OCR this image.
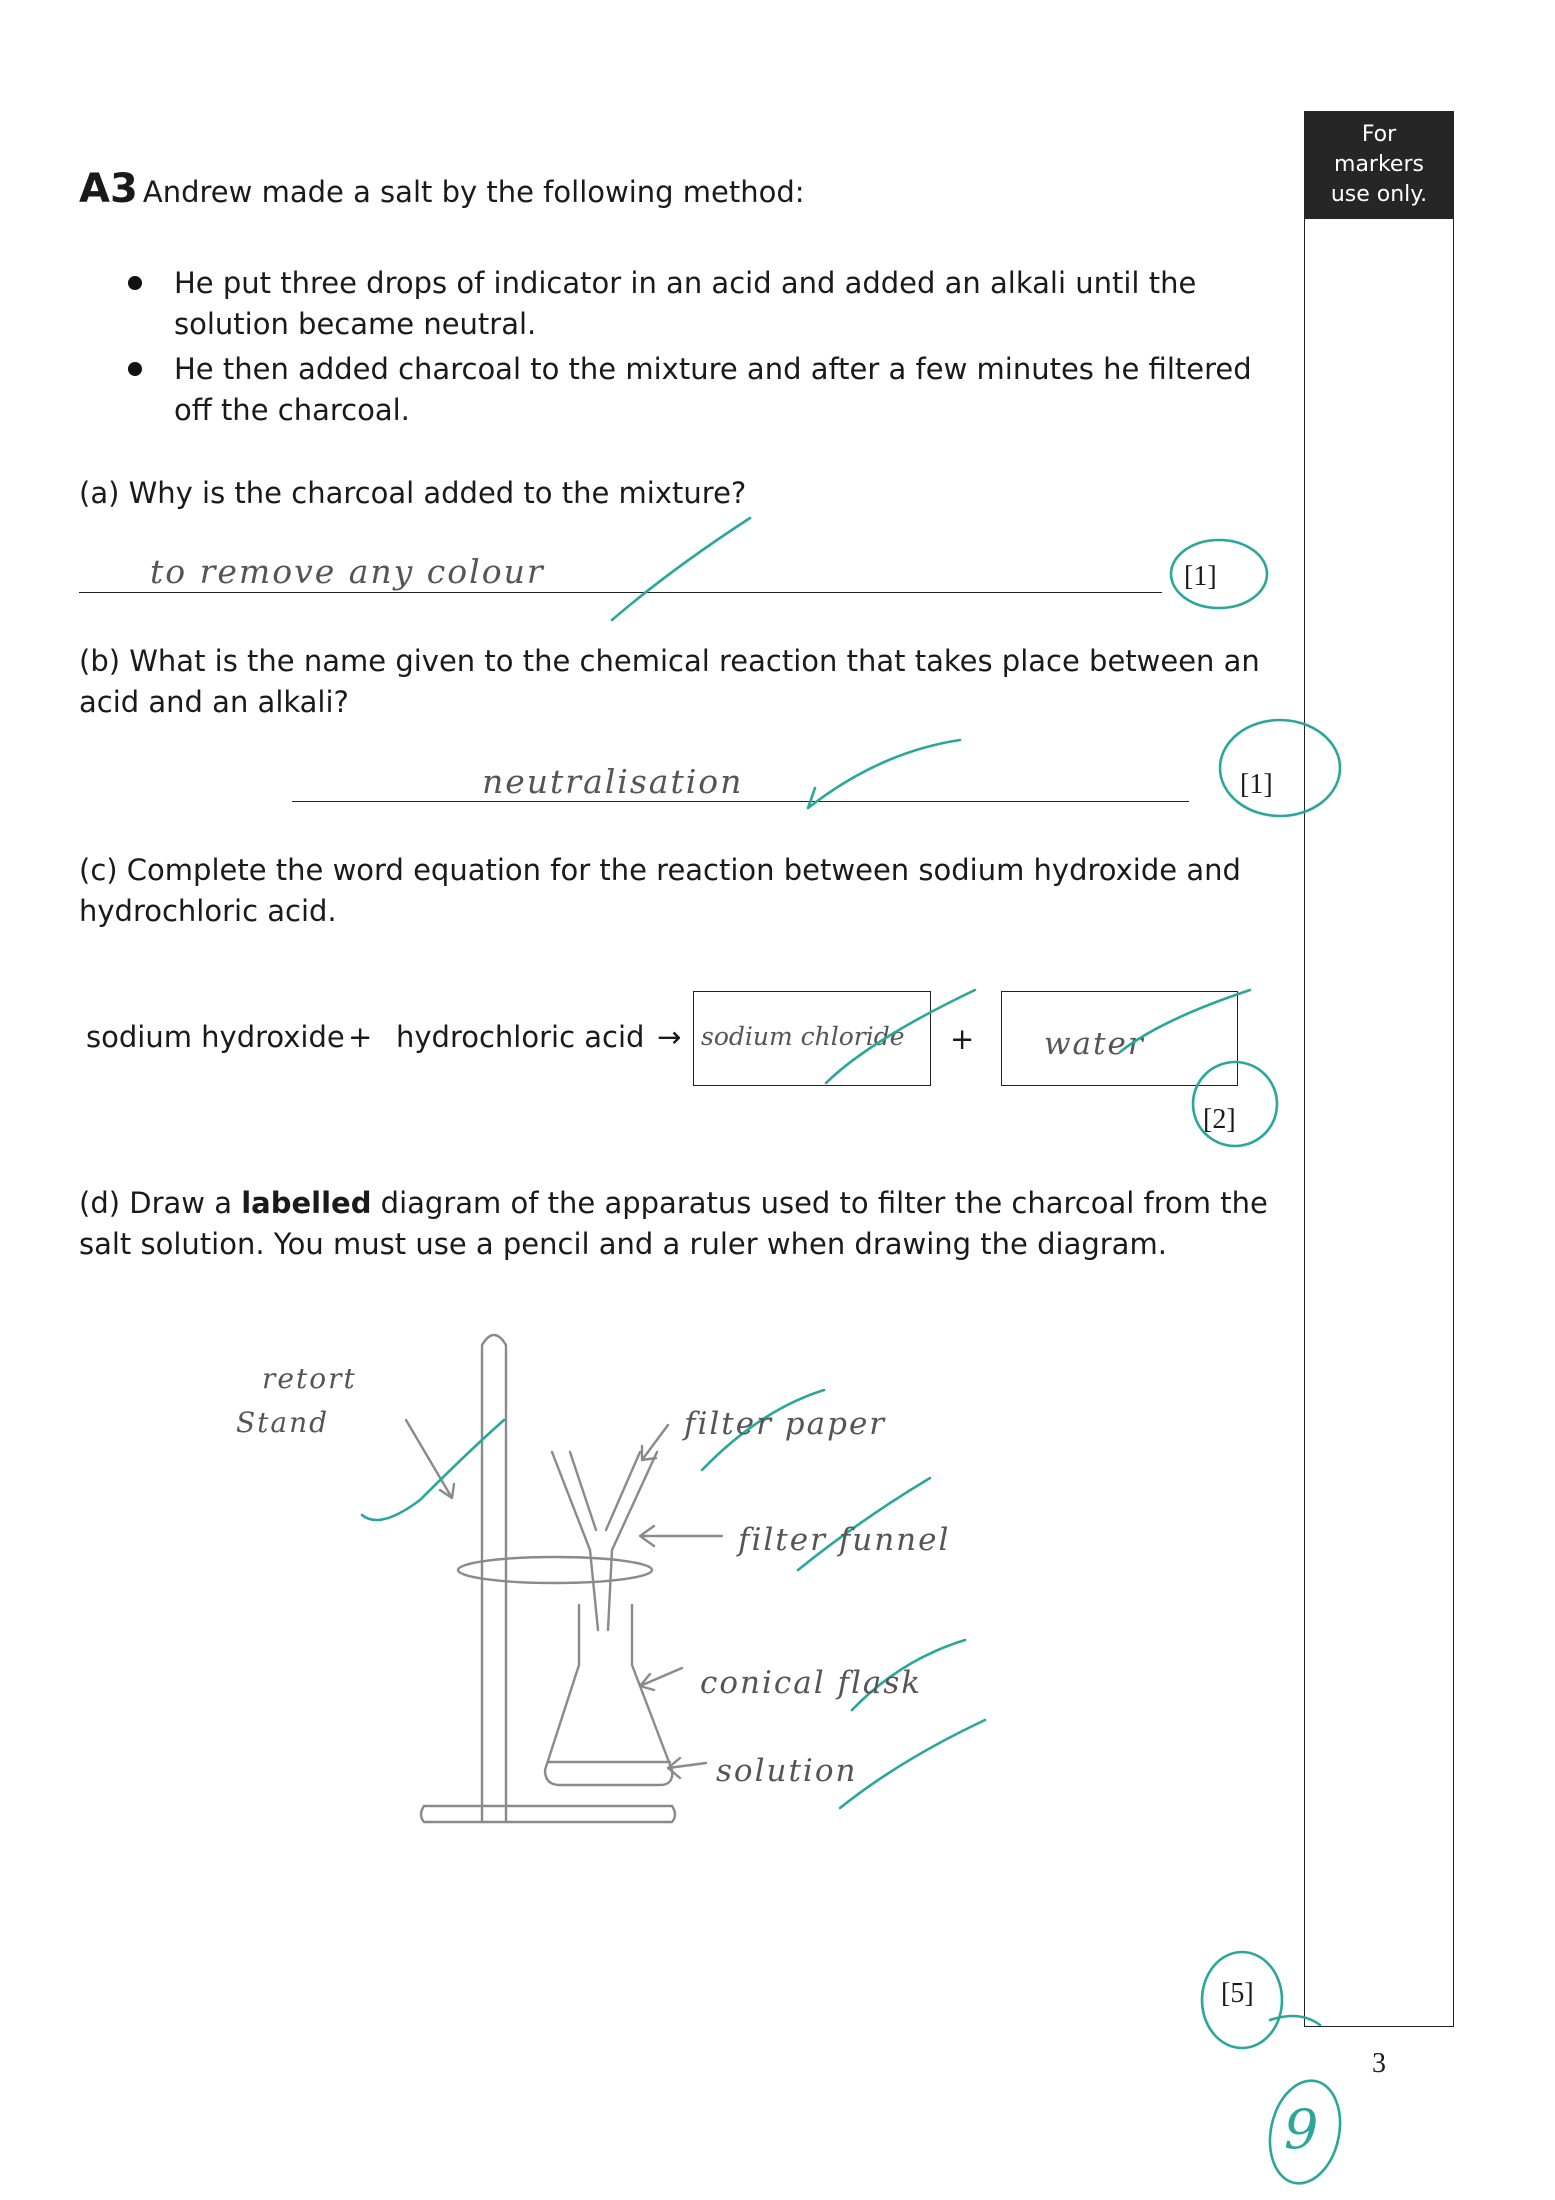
For markers use only.
A3 Andrew made a salt by the following method:
He put three drops of indicator in an acid and added an alkali until the solution became neutral.
He then added charcoal to the mixture and after a few minutes he filtered off the charcoal.
(a) Why is the charcoal added to the mixture?
to remove any colour	[1]
(b) What is the name given to the chemical reaction that takes place between an acid and an alkali?
neutralisation	[1]
(c) Complete the word equation for the reaction between sodium hydroxide and hydrochloric acid.
sodium hydroxide + hydrochloric acid → sodium chloride + water
[2]
(d) Draw a labelled diagram of the apparatus used to filter the charcoal from the salt solution. You must use a pencil and a ruler when drawing the diagram.
retort
Stand	filter paper
filter funnel
conical flask
solution
[5]
3
9
